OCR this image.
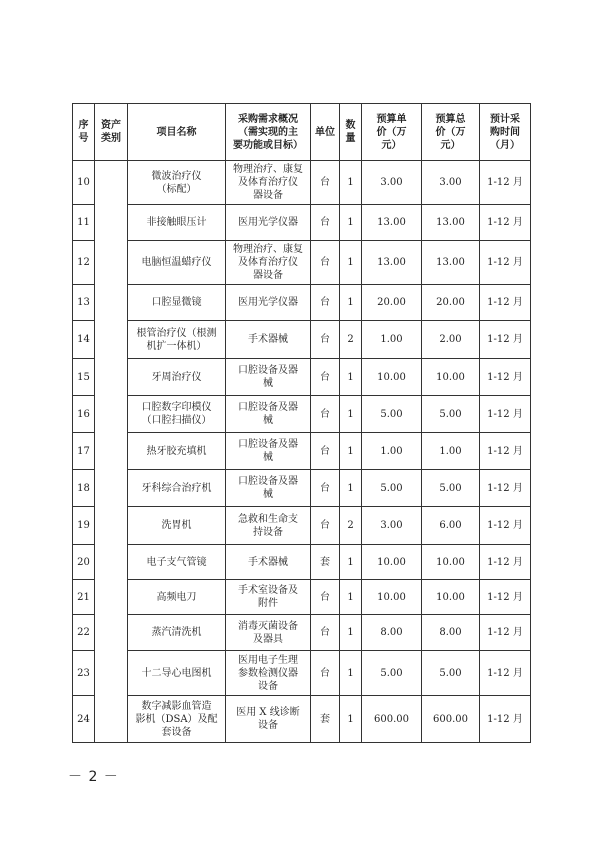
序
号	资产
类别	项目名称	采购需求概况
（需实现的主
要功能或目标）	单位	数
量	预算单
价（万
元）	预算总
价（万
元）	预计采
购时间
（月）
10		微波治疗仪
（标配）	物理治疗、康复
及体育治疗仪
器设备	台	1	3.00	3.00	1-12 月
11		非接触眼压计	医用光学仪器	台	1	13.00	13.00	1-12 月
12		电脑恒温蜡疗仪	物理治疗、康复
及体育治疗仪
器设备	台	1	13.00	13.00	1-12 月
13		口腔显微镜	医用光学仪器	台	1	20.00	20.00	1-12 月
14		根管治疗仪（根测
机扩一体机）	手术器械	台	2	1.00	2.00	1-12 月
15		牙周治疗仪	口腔设备及器
械	台	1	10.00	10.00	1-12 月
16		口腔数字印模仪
（口腔扫描仪）	口腔设备及器
械	台	1	5.00	5.00	1-12 月
17		热牙胶充填机	口腔设备及器
械	台	1	1.00	1.00	1-12 月
18		牙科综合治疗机	口腔设备及器
械	台	1	5.00	5.00	1-12 月
19		洗胃机	急救和生命支
持设备	台	2	3.00	6.00	1-12 月
20		电子支气管镜	手术器械	套	1	10.00	10.00	1-12 月
21		高频电刀	手术室设备及
附件	台	1	10.00	10.00	1-12 月
22		蒸汽清洗机	消毒灭菌设备
及器具	台	1	8.00	8.00	1-12 月
23		十二导心电图机	医用电子生理
参数检测仪器
设备	台	1	5.00	5.00	1-12 月
24		数字减影血管造
影机（DSA）及配
套设备	医用 X 线诊断
设备	套	1	600.00	600.00	1-12 月
－ 2 －
